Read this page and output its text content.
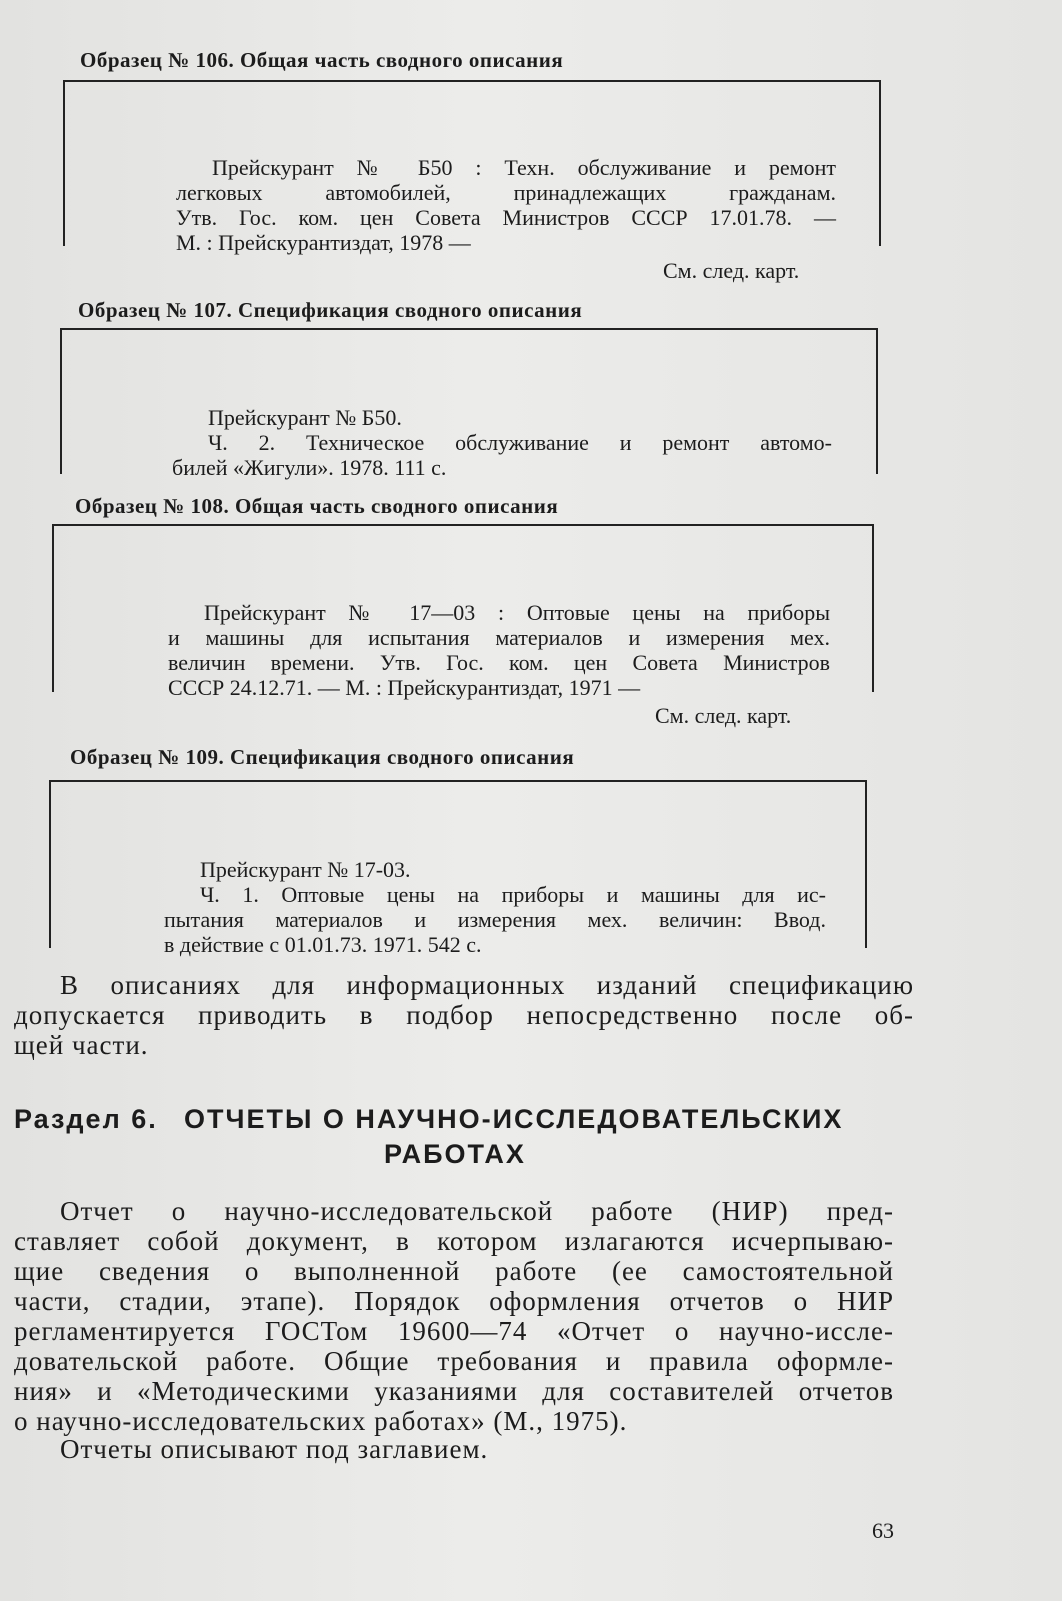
Образец № 106. Общая часть сводного описания
Прейскурант № Б50 : Техн. обслуживание и ремонт
легковых автомобилей, принадлежащих гражданам.
Утв. Гос. ком. цен Совета Министров СССР 17.01.78. —
М. : Прейскурантиздат, 1978 —
См. след. карт.
Образец № 107. Спецификация сводного описания
Прейскурант № Б50.
Ч. 2. Техническое обслуживание и ремонт автомо-
билей «Жигули». 1978. 111 с.
Образец № 108. Общая часть сводного описания
Прейскурант № 17—03 : Оптовые цены на приборы
и машины для испытания материалов и измерения мех.
величин времени. Утв. Гос. ком. цен Совета Министров
СССР 24.12.71. — М. : Прейскурантиздат, 1971 —
См. след. карт.
Образец № 109. Спецификация сводного описания
Прейскурант № 17-03.
Ч. 1. Оптовые цены на приборы и машины для ис-
пытания материалов и измерения мех. величин: Ввод.
в действие с 01.01.73. 1971. 542 с.
В описаниях для информационных изданий спецификацию
допускается приводить в подбор непосредственно после об-
щей части.
Раздел 6. ОТЧЕТЫ О НАУЧНО-ИССЛЕДОВАТЕЛЬСКИХ
РАБОТАХ
Отчет о научно-исследовательской работе (НИР) пред-
ставляет собой документ, в котором излагаются исчерпываю-
щие сведения о выполненной работе (ее самостоятельной
части, стадии, этапе). Порядок оформления отчетов о НИР
регламентируется ГОСТом 19600—74 «Отчет о научно-иссле-
довательской работе. Общие требования и правила оформле-
ния» и «Методическими указаниями для составителей отчетов
о научно-исследовательских работах» (М., 1975).
Отчеты описывают под заглавием.
63
